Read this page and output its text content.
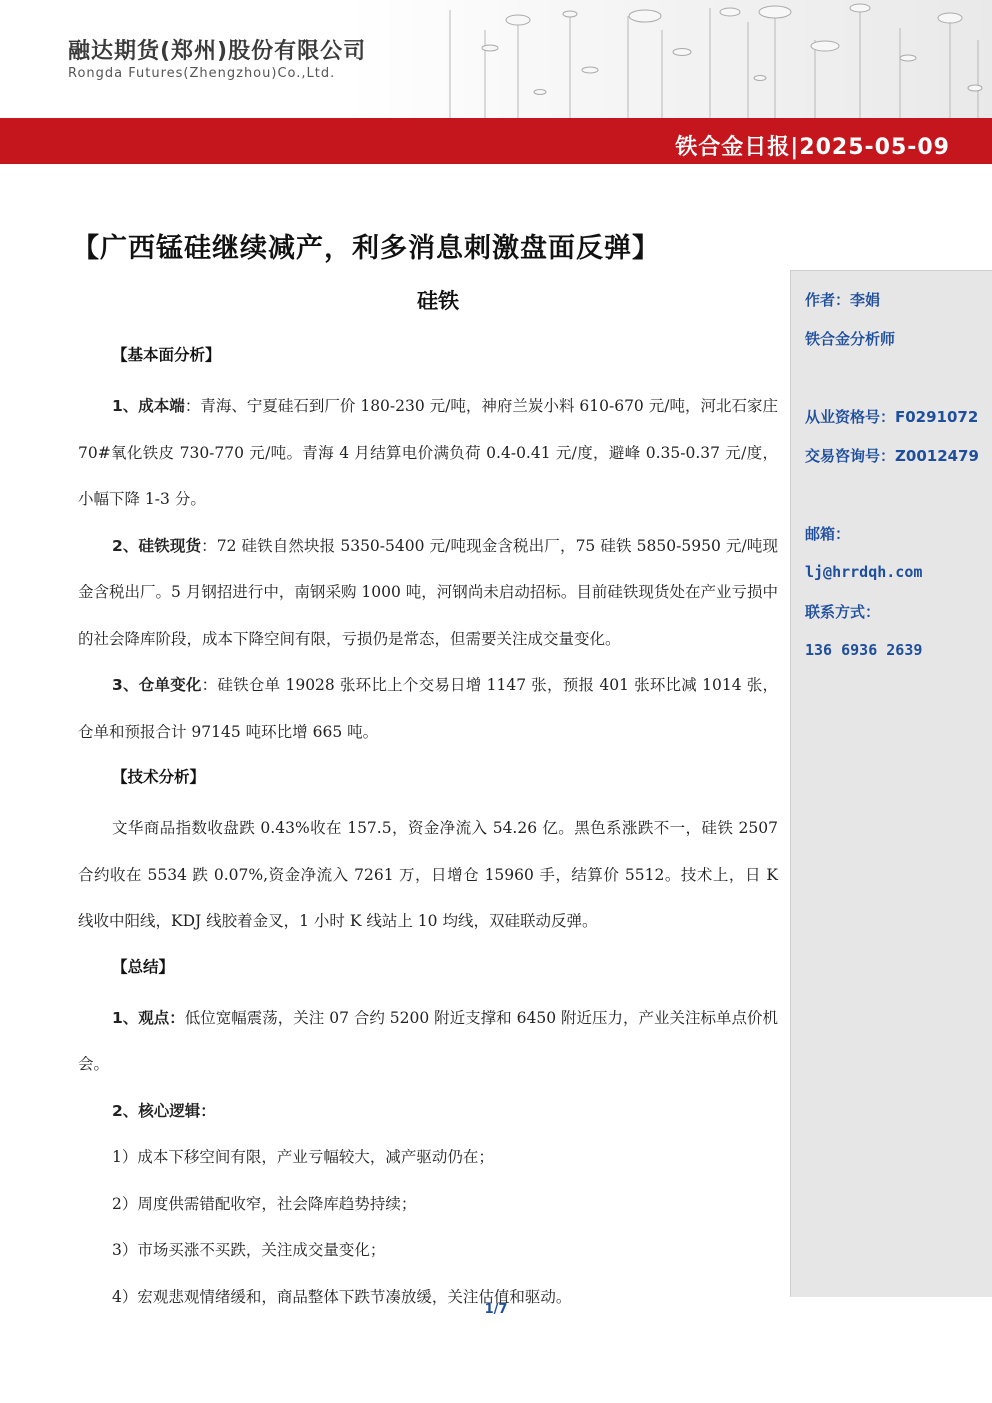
融达期货(郑州)股份有限公司
Rongda Futures(Zhengzhou)Co.,Ltd.
铁合金日报|2025-05-09
【广西锰硅继续减产，利多消息刺激盘面反弹】
作者：李娟
铁合金分析师
从业资格号：F0291072
交易咨询号：Z0012479
邮箱：
lj@hrrdqh.com
联系方式：
136 6936 2639
硅铁
【基本面分析】

1、成本端：青海、宁夏硅石到厂价 180-230 元/吨，神府兰炭小料 610-670 元/吨，河北石家庄 70#氧化铁皮 730-770 元/吨。青海 4 月结算电价满负荷 0.4-0.41 元/度，避峰 0.35-0.37 元/度，小幅下降 1-3 分。

2、硅铁现货：72 硅铁自然块报 5350-5400 元/吨现金含税出厂，75 硅铁 5850-5950 元/吨现金含税出厂。5 月钢招进行中，南钢采购 1000 吨，河钢尚未启动招标。目前硅铁现货处在产业亏损中的社会降库阶段，成本下降空间有限，亏损仍是常态，但需要关注成交量变化。

3、仓单变化：硅铁仓单 19028 张环比上个交易日增 1147 张，预报 401 张环比减 1014 张，仓单和预报合计 97145 吨环比增 665 吨。

【技术分析】

文华商品指数收盘跌 0.43%收在 157.5，资金净流入 54.26 亿。黑色系涨跌不一，硅铁 2507 合约收在 5534 跌 0.07%,资金净流入 7261 万，日增仓 15960 手，结算价 5512。技术上，日 K 线收中阳线，KDJ 线胶着金叉，1 小时 K 线站上 10 均线，双硅联动反弹。

【总结】

1、观点：低位宽幅震荡，关注 07 合约 5200 附近支撑和 6450 附近压力，产业关注标单点价机会。

2、核心逻辑：

1）成本下移空间有限，产业亏幅较大，减产驱动仍在；

2）周度供需错配收窄，社会降库趋势持续；

3）市场买涨不买跌，关注成交量变化；

4）宏观悲观情绪缓和，商品整体下跌节凑放缓，关注估值和驱动。

1/7
